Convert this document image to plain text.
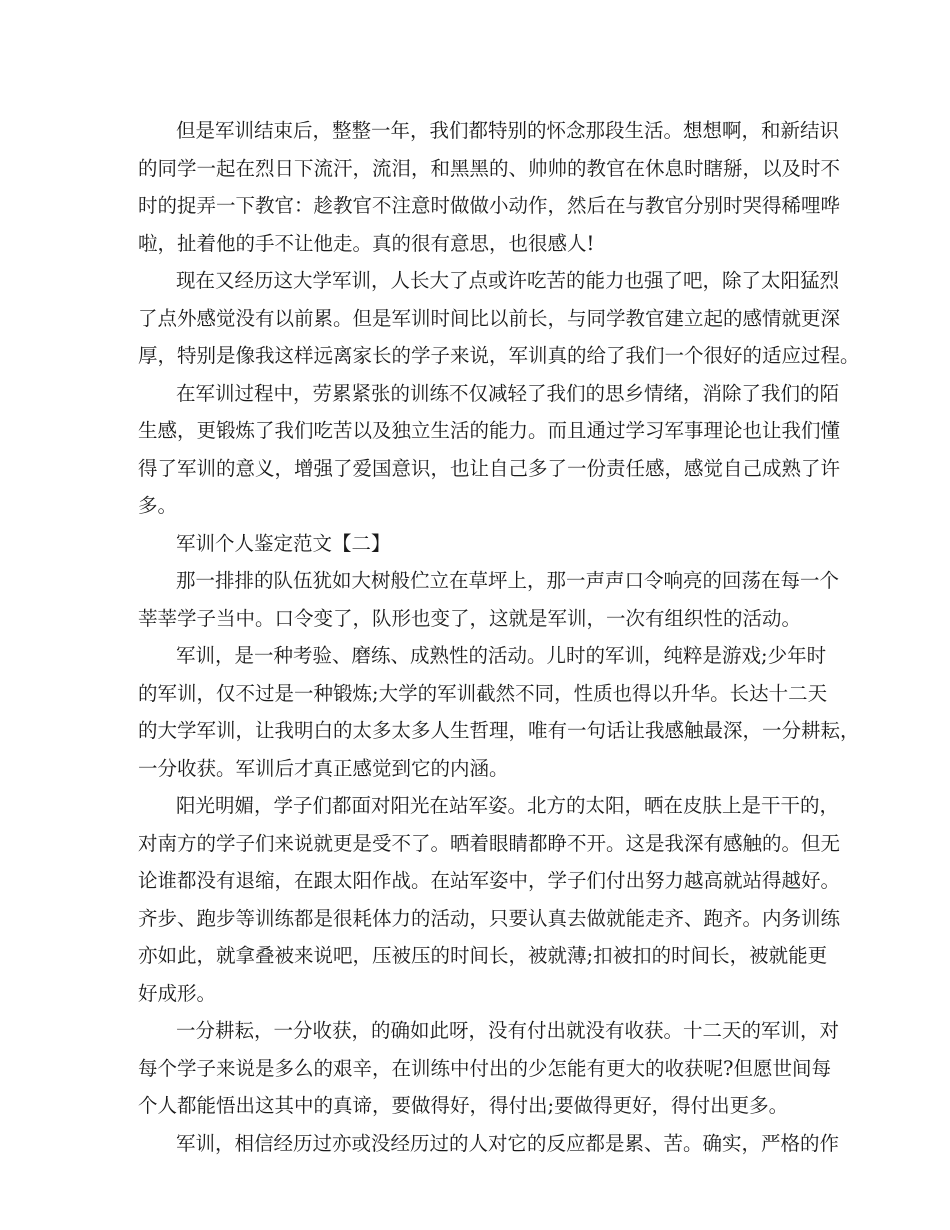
但是军训结束后，整整一年，我们都特别的怀念那段生活。想想啊，和新结识
的同学一起在烈日下流汗，流泪，和黑黑的、帅帅的教官在休息时瞎掰，以及时不
时的捉弄一下教官：趁教官不注意时做做小动作，然后在与教官分别时哭得稀哩哗
啦，扯着他的手不让他走。真的很有意思，也很感人!
现在又经历这大学军训，人长大了点或许吃苦的能力也强了吧，除了太阳猛烈
了点外感觉没有以前累。但是军训时间比以前长，与同学教官建立起的感情就更深
厚，特别是像我这样远离家长的学子来说，军训真的给了我们一个很好的适应过程。
在军训过程中，劳累紧张的训练不仅减轻了我们的思乡情绪，消除了我们的陌
生感，更锻炼了我们吃苦以及独立生活的能力。而且通过学习军事理论也让我们懂
得了军训的意义，增强了爱国意识，也让自己多了一份责任感，感觉自己成熟了许
多。
军训个人鉴定范文【二】
那一排排的队伍犹如大树般伫立在草坪上，那一声声口令响亮的回荡在每一个
莘莘学子当中。口令变了，队形也变了，这就是军训，一次有组织性的活动。
军训，是一种考验、磨练、成熟性的活动。儿时的军训，纯粹是游戏;少年时
的军训，仅不过是一种锻炼;大学的军训截然不同，性质也得以升华。长达十二天
的大学军训，让我明白的太多太多人生哲理，唯有一句话让我感触最深，一分耕耘，
一分收获。军训后才真正感觉到它的内涵。
阳光明媚，学子们都面对阳光在站军姿。北方的太阳，晒在皮肤上是干干的，
对南方的学子们来说就更是受不了。晒着眼睛都睁不开。这是我深有感触的。但无
论谁都没有退缩，在跟太阳作战。在站军姿中，学子们付出努力越高就站得越好。
齐步、跑步等训练都是很耗体力的活动，只要认真去做就能走齐、跑齐。内务训练
亦如此，就拿叠被来说吧，压被压的时间长，被就薄;扣被扣的时间长，被就能更
好成形。
一分耕耘，一分收获，的确如此呀，没有付出就没有收获。十二天的军训，对
每个学子来说是多么的艰辛，在训练中付出的少怎能有更大的收获呢?但愿世间每
个人都能悟出这其中的真谛，要做得好，得付出;要做得更好，得付出更多。
军训，相信经历过亦或没经历过的人对它的反应都是累、苦。确实，严格的作
